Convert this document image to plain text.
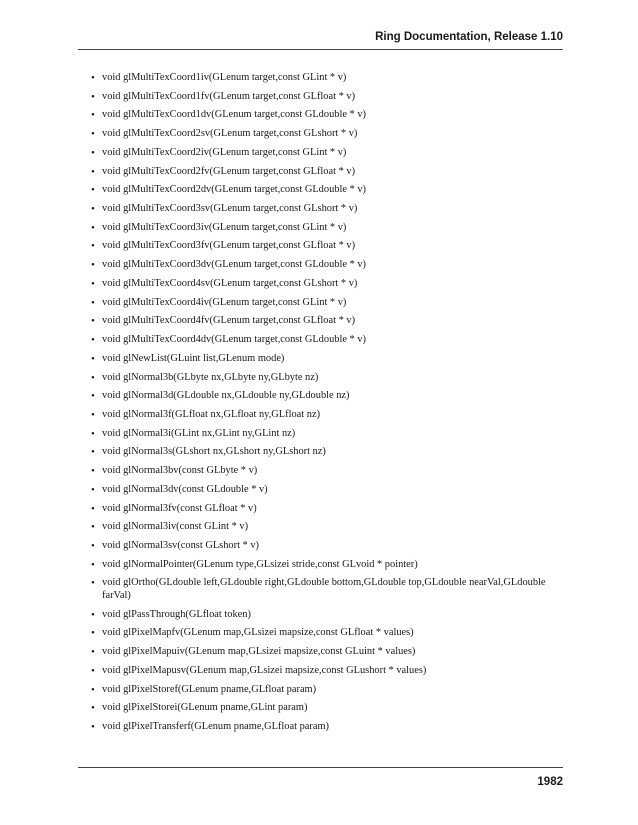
Ring Documentation, Release 1.10
• void glMultiTexCoord1iv(GLenum target,const GLint * v)
• void glMultiTexCoord1fv(GLenum target,const GLfloat * v)
• void glMultiTexCoord1dv(GLenum target,const GLdouble * v)
• void glMultiTexCoord2sv(GLenum target,const GLshort * v)
• void glMultiTexCoord2iv(GLenum target,const GLint * v)
• void glMultiTexCoord2fv(GLenum target,const GLfloat * v)
• void glMultiTexCoord2dv(GLenum target,const GLdouble * v)
• void glMultiTexCoord3sv(GLenum target,const GLshort * v)
• void glMultiTexCoord3iv(GLenum target,const GLint * v)
• void glMultiTexCoord3fv(GLenum target,const GLfloat * v)
• void glMultiTexCoord3dv(GLenum target,const GLdouble * v)
• void glMultiTexCoord4sv(GLenum target,const GLshort * v)
• void glMultiTexCoord4iv(GLenum target,const GLint * v)
• void glMultiTexCoord4fv(GLenum target,const GLfloat * v)
• void glMultiTexCoord4dv(GLenum target,const GLdouble * v)
• void glNewList(GLuint list,GLenum mode)
• void glNormal3b(GLbyte nx,GLbyte ny,GLbyte nz)
• void glNormal3d(GLdouble nx,GLdouble ny,GLdouble nz)
• void glNormal3f(GLfloat nx,GLfloat ny,GLfloat nz)
• void glNormal3i(GLint nx,GLint ny,GLint nz)
• void glNormal3s(GLshort nx,GLshort ny,GLshort nz)
• void glNormal3bv(const GLbyte * v)
• void glNormal3dv(const GLdouble * v)
• void glNormal3fv(const GLfloat * v)
• void glNormal3iv(const GLint * v)
• void glNormal3sv(const GLshort * v)
• void glNormalPointer(GLenum type,GLsizei stride,const GLvoid * pointer)
• void glOrtho(GLdouble left,GLdouble right,GLdouble bottom,GLdouble top,GLdouble nearVal,GLdouble farVal)
• void glPassThrough(GLfloat token)
• void glPixelMapfv(GLenum map,GLsizei mapsize,const GLfloat * values)
• void glPixelMapuiv(GLenum map,GLsizei mapsize,const GLuint * values)
• void glPixelMapusv(GLenum map,GLsizei mapsize,const GLushort * values)
• void glPixelStoref(GLenum pname,GLfloat param)
• void glPixelStorei(GLenum pname,GLint param)
• void glPixelTransferf(GLenum pname,GLfloat param)
1982
